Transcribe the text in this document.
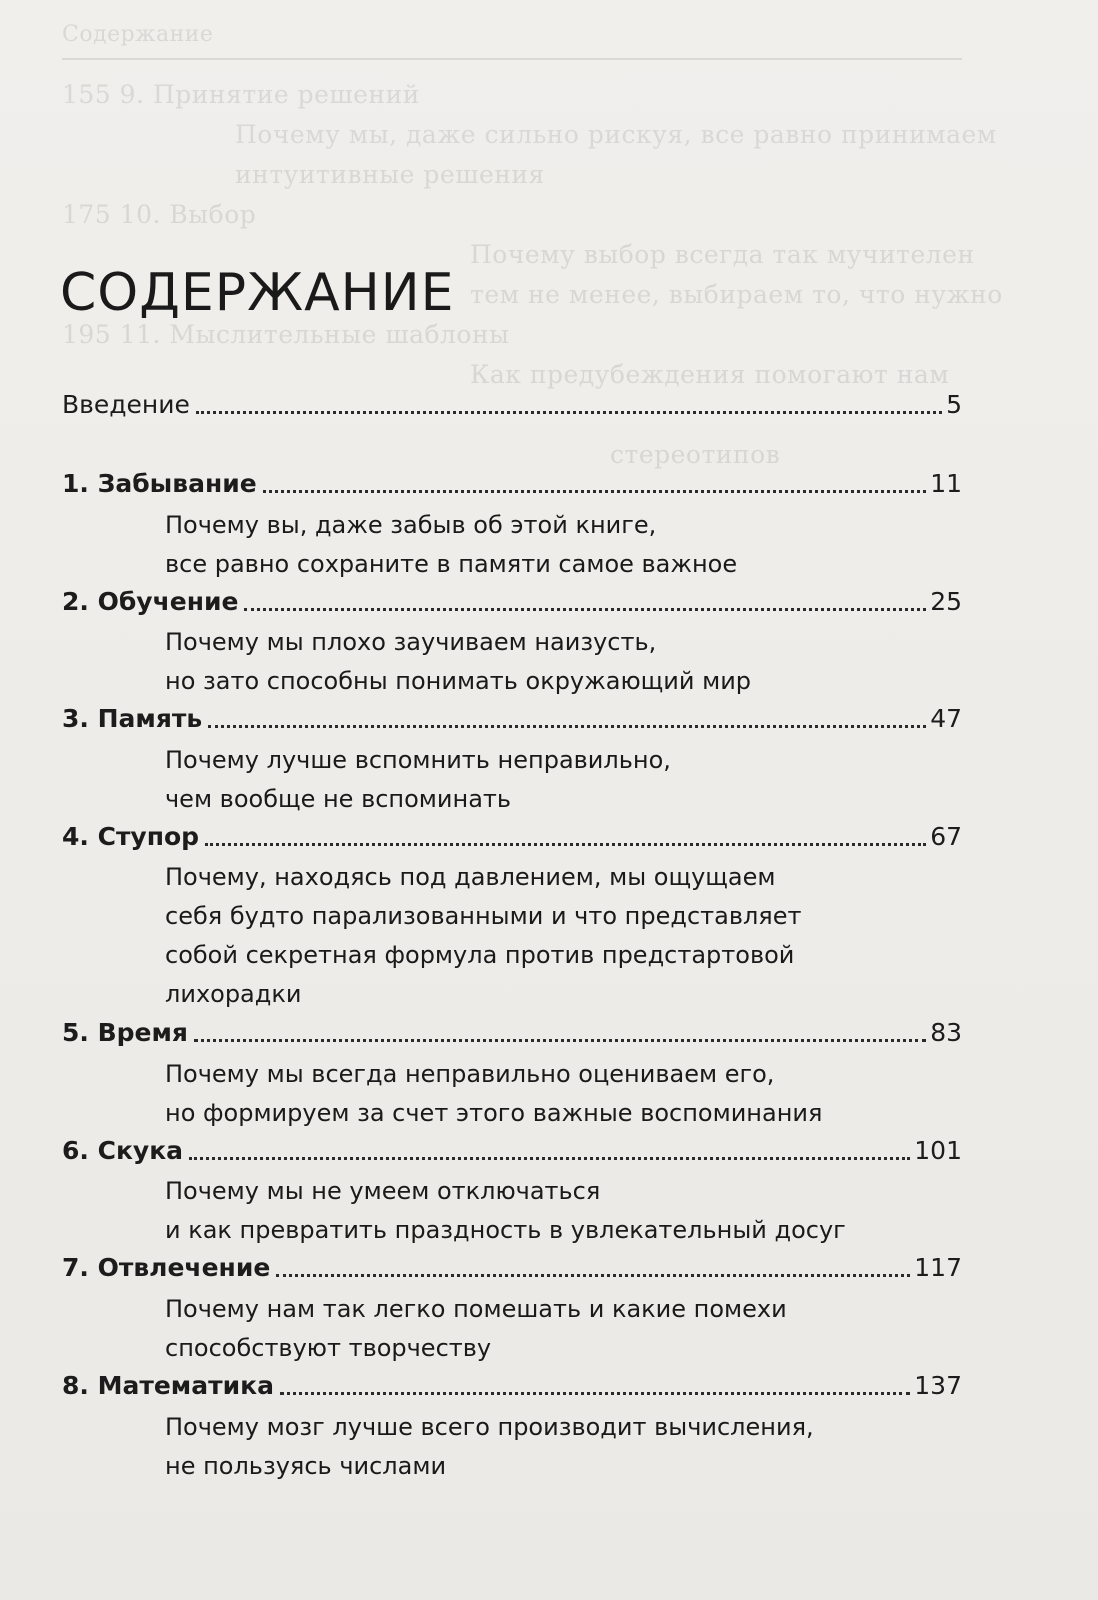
Содержание
155 9. Принятие решений
Почему мы, даже сильно рискуя, все равно принимаем
интуитивные решения
175 10. Выбор
Почему выбор всегда так мучителен
тем не менее, выбираем то, что нужно
195 11. Мыслительные шаблоны
Как предубеждения помогают нам
стереотипов
СОДЕРЖАНИЕ
Введение	5
1. Забывание	11
Почему вы, даже забыв об этой книге,
все равно сохраните в памяти самое важное
2. Обучение	25
Почему мы плохо заучиваем наизусть,
но зато способны понимать окружающий мир
3. Память	47
Почему лучше вспомнить неправильно,
чем вообще не вспоминать
4. Ступор	67
Почему, находясь под давлением, мы ощущаем
себя будто парализованными и что представляет
собой секретная формула против предстартовой
лихорадки
5. Время	83
Почему мы всегда неправильно оцениваем его,
но формируем за счет этого важные воспоминания
6. Скука	101
Почему мы не умеем отключаться
и как превратить праздность в увлекательный досуг
7. Отвлечение	117
Почему нам так легко помешать и какие помехи
способствуют творчеству
8. Математика	137
Почему мозг лучше всего производит вычисления,
не пользуясь числами
